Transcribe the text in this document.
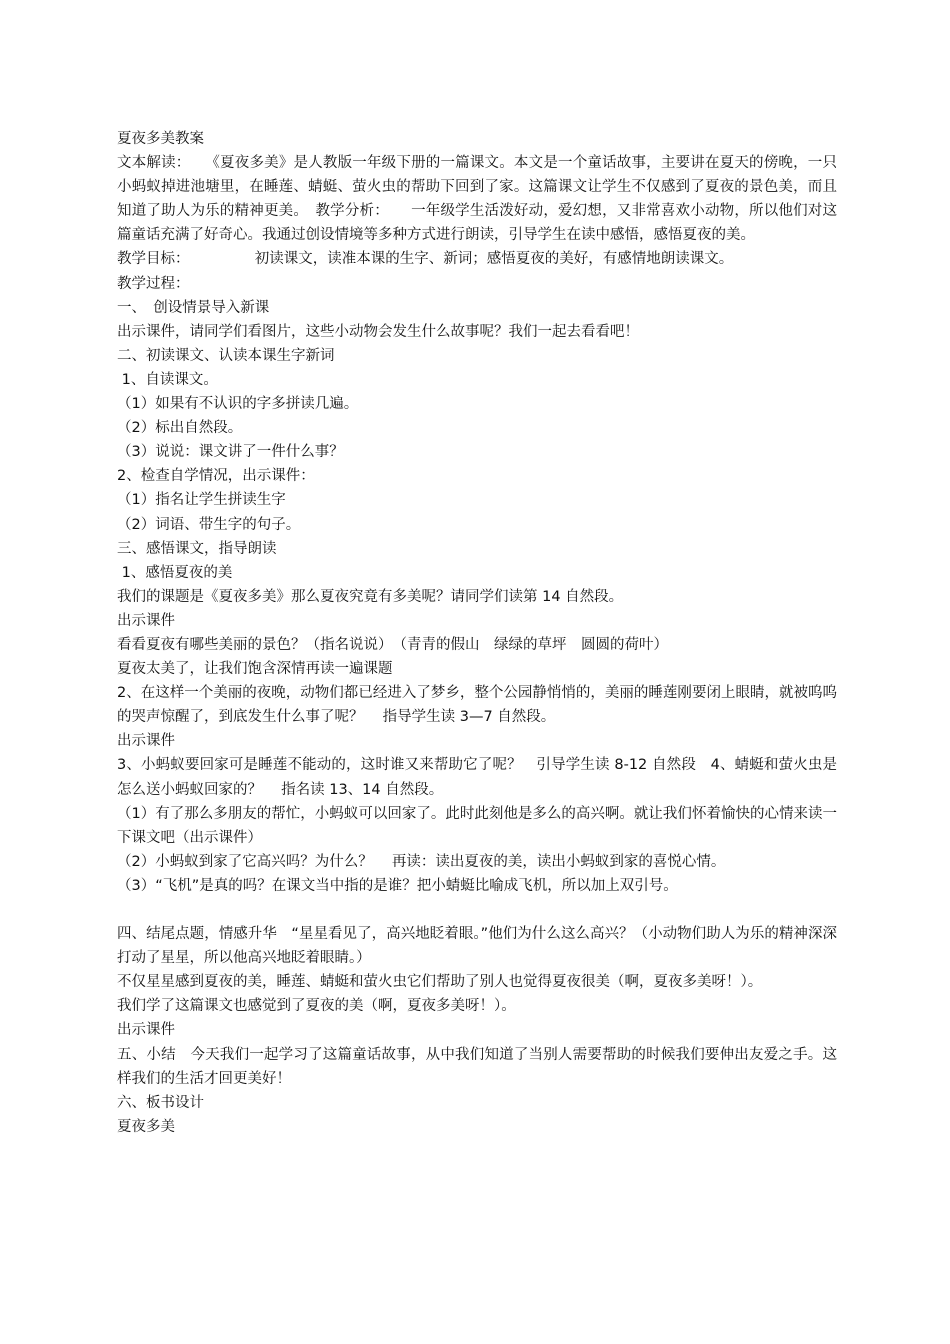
夏夜多美教案

文本解读：　　《夏夜多美》是人教版一年级下册的一篇课文。本文是一个童话故事，主要讲在夏天的傍晚，一只小蚂蚁掉进池塘里，在睡莲、蜻蜓、萤火虫的帮助下回到了家。这篇课文让学生不仅感到了夏夜的景色美，而且知道了助人为乐的精神更美。　教学分析：　　一年级学生活泼好动，爱幻想，又非常喜欢小动物，所以他们对这篇童话充满了好奇心。我通过创设情境等多种方式进行朗读，引导学生在读中感悟，感悟夏夜的美。

教学目标：　　　　　初读课文，读准本课的生字、新词；感悟夏夜的美好，有感情地朗读课文。

教学过程：

一、　创设情景导入新课

出示课件，请同学们看图片，这些小动物会发生什么故事呢？我们一起去看看吧！

二、初读课文、认读本课生字新词

1、自读课文。

（1）如果有不认识的字多拼读几遍。

（2）标出自然段。

（3）说说：课文讲了一件什么事？

2、检查自学情况，出示课件：

（1）指名让学生拼读生字

（2）词语、带生字的句子。

三、感悟课文，指导朗读

1、感悟夏夜的美

我们的课题是《夏夜多美》那么夏夜究竟有多美呢？请同学们读第 14 自然段。

出示课件

看看夏夜有哪些美丽的景色？（指名说说）　（青青的假山　绿绿的草坪　圆圆的荷叶）

夏夜太美了，让我们饱含深情再读一遍课题

2、在这样一个美丽的夜晚，动物们都已经进入了梦乡，整个公园静悄悄的，美丽的睡莲刚要闭上眼睛，就被呜呜的哭声惊醒了，到底发生什么事了呢？　 指导学生读 3—7 自然段。

出示课件

3、小蚂蚁要回家可是睡莲不能动的，这时谁又来帮助它了呢？　引导学生读 8-12 自然段　4、蜻蜓和萤火虫是怎么送小蚂蚁回家的？　 指名读 13、14 自然段。

（1）有了那么多朋友的帮忙，小蚂蚁可以回家了。此时此刻他是多么的高兴啊。就让我们怀着愉快的心情来读一下课文吧（出示课件）

（2）小蚂蚁到家了它高兴吗？为什么？　 再读：读出夏夜的美，读出小蚂蚁到家的喜悦心情。

（3）“飞机”是真的吗？在课文当中指的是谁？把小蜻蜓比喻成飞机，所以加上双引号。

四、结尾点题，情感升华　“星星看见了，高兴地眨着眼。”他们为什么这么高兴？（小动物们助人为乐的精神深深打动了星星，所以他高兴地眨着眼睛。）

不仅星星感到夏夜的美，睡莲、蜻蜓和萤火虫它们帮助了别人也觉得夏夜很美（啊，夏夜多美呀！）。

我们学了这篇课文也感觉到了夏夜的美（啊，夏夜多美呀！）。

出示课件

五、小结　今天我们一起学习了这篇童话故事，从中我们知道了当别人需要帮助的时候我们要伸出友爱之手。这样我们的生活才回更美好！

六、板书设计

夏夜多美
